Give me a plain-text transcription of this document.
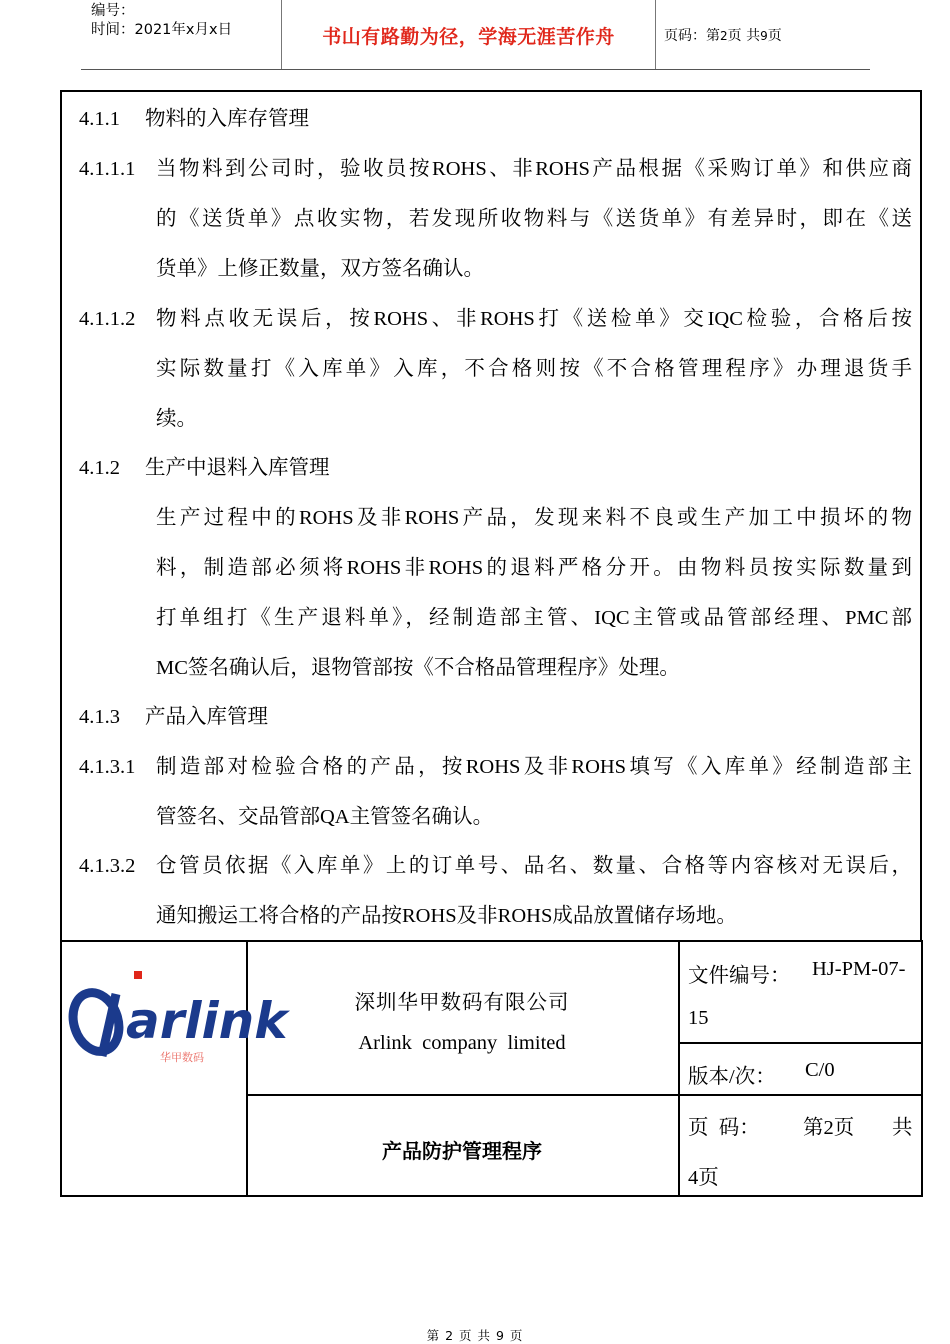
编号：
时间：2021年x月x日	书山有路勤为径，学海无涯苦作舟	页码：第2页 共9页
4.1.1 物料的入库存管理
4.1.1.1 当物料到公司时，验收员按ROHS、非ROHS产品根据《采购订单》和供应商
的《送货单》点收实物，若发现所收物料与《送货单》有差异时，即在《送
货单》上修正数量，双方签名确认。
4.1.1.2 物料点收无误后，按ROHS、非ROHS打《送检单》交IQC检验，合格后按
实际数量打《入库单》入库，不合格则按《不合格管理程序》办理退货手
续。
4.1.2 生产中退料入库管理
生产过程中的ROHS及非ROHS产品，发现来料不良或生产加工中损坏的物
料，制造部必须将ROHS非ROHS的退料严格分开。由物料员按实际数量到
打单组打《生产退料单》，经制造部主管、IQC主管或品管部经理、PMC部
MC签名确认后，退物管部按《不合格品管理程序》处理。
4.1.3 产品入库管理
4.1.3.1 制造部对检验合格的产品，按ROHS及非ROHS填写《入库单》经制造部主
管签名、交品管部QA主管签名确认。
4.1.3.2 仓管员依据《入库单》上的订单号、品名、数量、合格等内容核对无误后，
通知搬运工将合格的产品按ROHS及非ROHS成品放置储存场地。
arlink
华甲数码
深圳华甲数码有限公司
Arlink  company  limited
产品防护管理程序
文件编号： HJ-PM-07-
15
版本/次： C/0
页  码： 第2页 共
4页
第 2 页 共 9 页
